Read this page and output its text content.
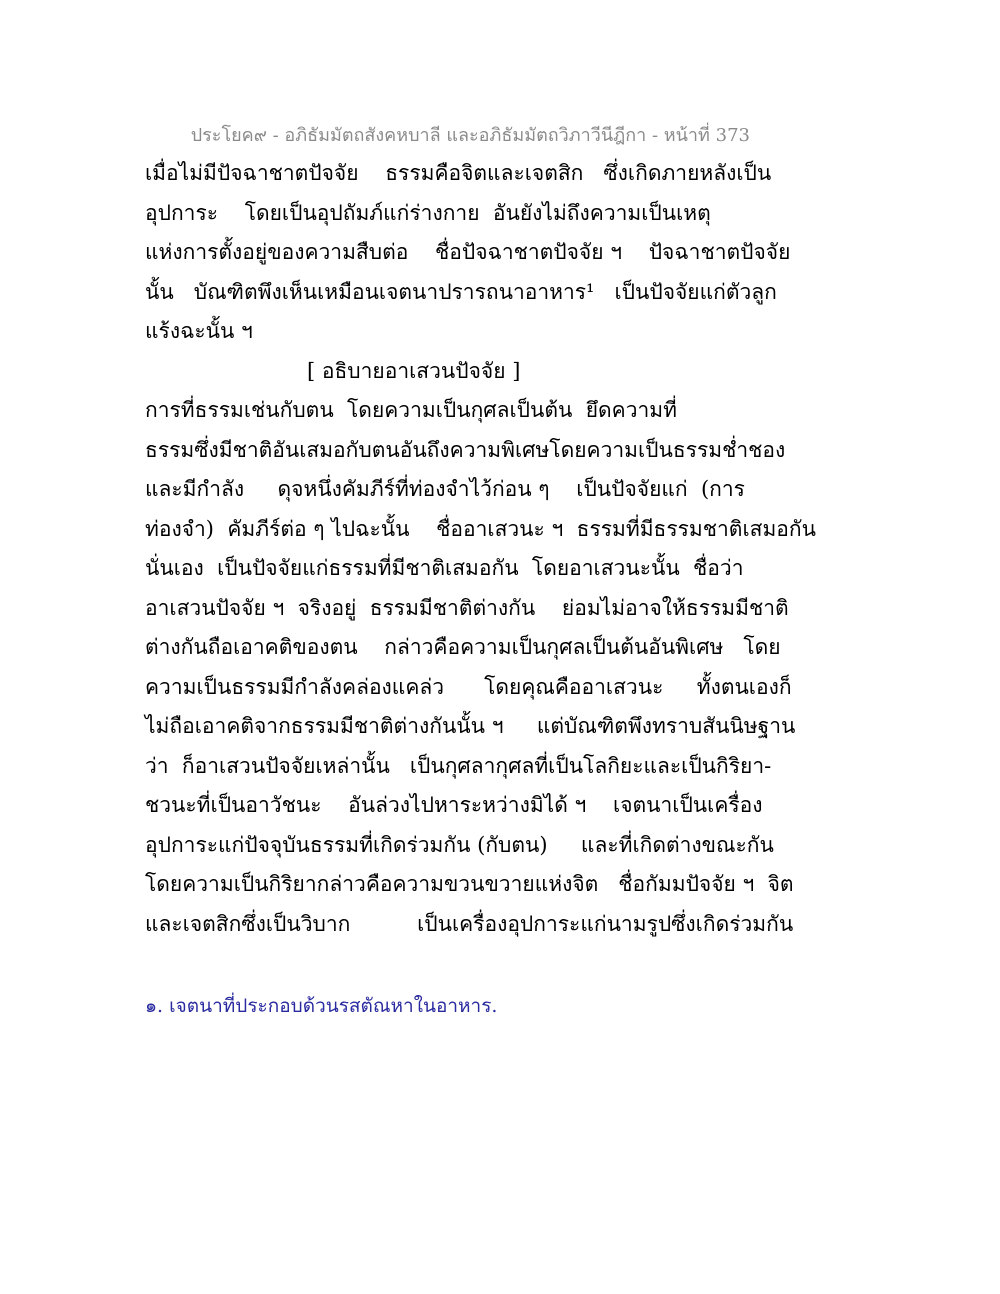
ประโยค๙ - อภิธัมมัตถสังคหบาลี และอภิธัมมัตถวิภาวีนีฎีกา - หน้าที่ 373
เมื่อไม่มีปัจฉาชาตปัจจัย    ธรรมคือจิตและเจตสิก   ซึ่งเกิดภายหลังเป็น
อุปการะ    โดยเป็นอุปถัมภ์แก่ร่างกาย  อันยังไม่ถึงความเป็นเหตุ
แห่งการตั้งอยู่ของความสืบต่อ    ชื่อปัจฉาชาตปัจจัย ฯ    ปัจฉาชาตปัจจัย
นั้น   บัณฑิตพึงเห็นเหมือนเจตนาปรารถนาอาหาร¹   เป็นปัจจัยแก่ตัวลูก
แร้งฉะนั้น ฯ
[ อธิบายอาเสวนปัจจัย ]
การที่ธรรมเช่นกับตน  โดยความเป็นกุศลเป็นต้น  ยึดความที่
ธรรมซึ่งมีชาติอันเสมอกับตนอันถึงความพิเศษโดยความเป็นธรรมช่ำชอง
และมีกำลัง     ดุจหนึ่งคัมภีร์ที่ท่องจำไว้ก่อน ๆ    เป็นปัจจัยแก่  (การ
ท่องจำ)  คัมภีร์ต่อ ๆ ไปฉะนั้น    ชื่ออาเสวนะ ฯ  ธรรมที่มีธรรมชาติเสมอกัน
นั่นเอง  เป็นปัจจัยแก่ธรรมที่มีชาติเสมอกัน  โดยอาเสวนะนั้น  ชื่อว่า
อาเสวนปัจจัย ฯ  จริงอยู่  ธรรมมีชาติต่างกัน    ย่อมไม่อาจให้ธรรมมีชาติ
ต่างกันถือเอาคติของตน    กล่าวคือความเป็นกุศลเป็นต้นอันพิเศษ   โดย
ความเป็นธรรมมีกำลังคล่องแคล่ว      โดยคุณคืออาเสวนะ     ทั้งตนเองก็
ไม่ถือเอาคติจากธรรมมีชาติต่างกันนั้น ฯ     แต่บัณฑิตพึงทราบสันนิษฐาน
ว่า  ก็อาเสวนปัจจัยเหล่านั้น   เป็นกุศลากุศลที่เป็นโลกิยะและเป็นกิริยา-
ชวนะที่เป็นอาวัชนะ    อันล่วงไปหาระหว่างมิได้ ฯ    เจตนาเป็นเครื่อง
อุปการะแก่ปัจจุบันธรรมที่เกิดร่วมกัน (กับตน)     และที่เกิดต่างขณะกัน
โดยความเป็นกิริยากล่าวคือความขวนขวายแห่งจิต   ชื่อกัมมปัจจัย ฯ  จิต
และเจตสิกซึ่งเป็นวิบาก          เป็นเครื่องอุปการะแก่นามรูปซึ่งเกิดร่วมกัน
๑. เจตนาที่ประกอบด้วนรสตัณหาในอาหาร.
